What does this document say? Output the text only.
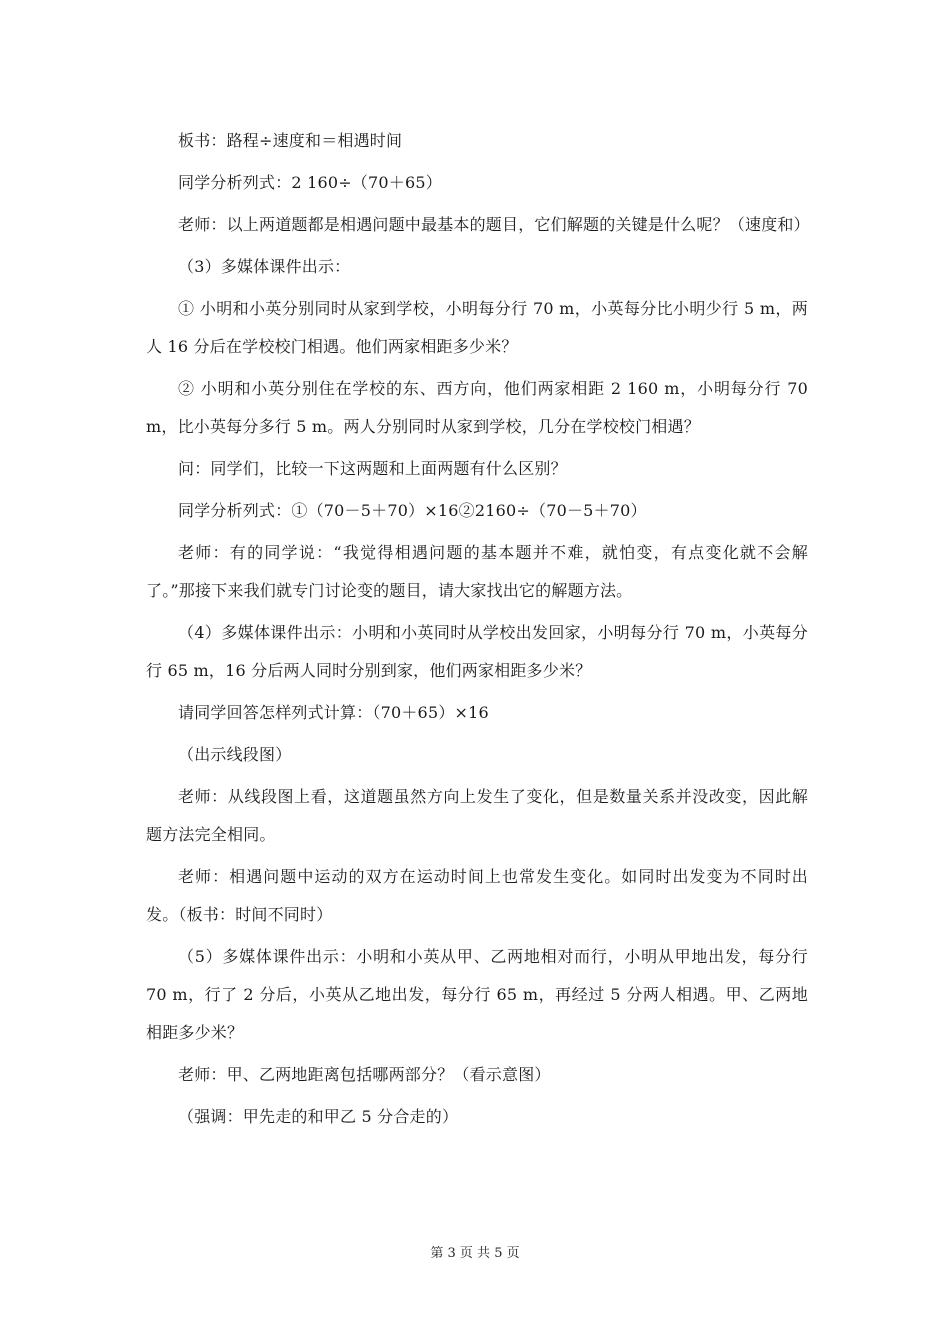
板书：路程÷速度和＝相遇时间

同学分析列式：2 160÷（70＋65）

老师：以上两道题都是相遇问题中最基本的题目，它们解题的关键是什么呢？（速度和）

（3）多媒体课件出示：

① 小明和小英分别同时从家到学校，小明每分行 70 m，小英每分比小明少行 5 m，两人 16 分后在学校校门相遇。他们两家相距多少米？

② 小明和小英分别住在学校的东、西方向，他们两家相距 2 160 m，小明每分行 70 m，比小英每分多行 5 m。两人分别同时从家到学校，几分在学校校门相遇？

问：同学们，比较一下这两题和上面两题有什么区别？

同学分析列式：①（70－5＋70）×16②2160÷（70－5＋70）

老师：有的同学说：“我觉得相遇问题的基本题并不难，就怕变，有点变化就不会解了。”那接下来我们就专门讨论变的题目，请大家找出它的解题方法。

（4）多媒体课件出示：小明和小英同时从学校出发回家，小明每分行 70 m，小英每分行 65 m，16 分后两人同时分别到家，他们两家相距多少米？

请同学回答怎样列式计算：（70＋65）×16

（出示线段图）

老师：从线段图上看，这道题虽然方向上发生了变化，但是数量关系并没改变，因此解题方法完全相同。

老师：相遇问题中运动的双方在运动时间上也常发生变化。如同时出发变为不同时出发。（板书：时间不同时）

（5）多媒体课件出示：小明和小英从甲、乙两地相对而行，小明从甲地出发，每分行 70 m，行了 2 分后，小英从乙地出发，每分行 65 m，再经过 5 分两人相遇。甲、乙两地相距多少米？

老师：甲、乙两地距离包括哪两部分？（看示意图）

（强调：甲先走的和甲乙 5 分合走的）

第 3 页 共 5 页
